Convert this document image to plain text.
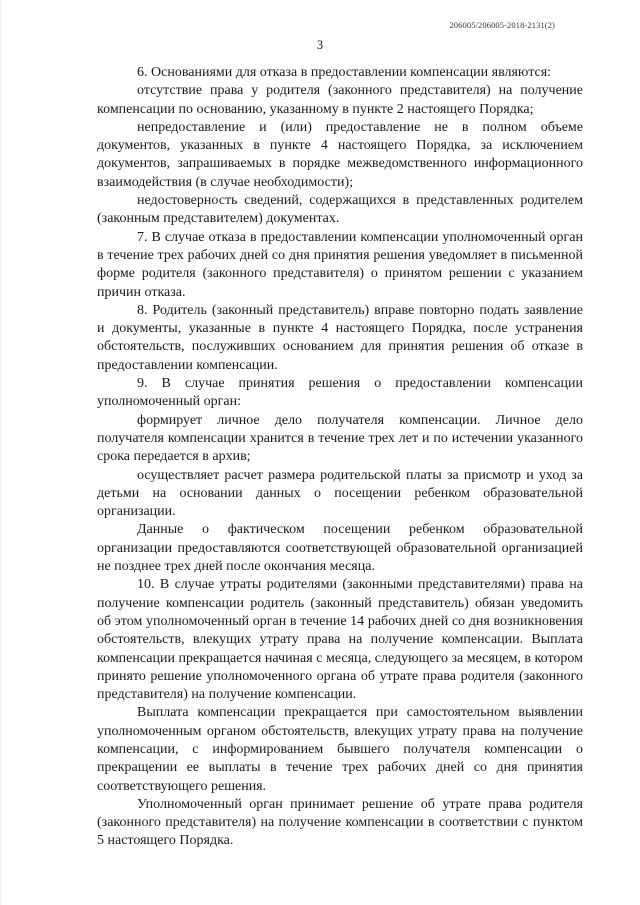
206005/206005-2018-2131(2)
3

6. Основаниями для отказа в предоставлении компенсации являются:

отсутствие права у родителя (законного представителя) на получение компенсации по основанию, указанному в пункте 2 настоящего Порядка;

непредоставление и (или) предоставление не в полном объеме документов, указанных в пункте 4 настоящего Порядка, за исключением документов, запрашиваемых в порядке межведомственного информационного взаимодействия (в случае необходимости);

недостоверность сведений, содержащихся в представленных родителем (законным представителем) документах.

7. В случае отказа в предоставлении компенсации уполномоченный орган в течение трех рабочих дней со дня принятия решения уведомляет в письменной форме родителя (законного представителя) о принятом решении с указанием причин отказа.

8. Родитель (законный представитель) вправе повторно подать заявление и документы, указанные в пункте 4 настоящего Порядка, после устранения обстоятельств, послуживших основанием для принятия решения об отказе в предоставлении компенсации.

9. В случае принятия решения о предоставлении компенсации уполномоченный орган:

формирует личное дело получателя компенсации. Личное дело получателя компенсации хранится в течение трех лет и по истечении указанного срока передается в архив;

осуществляет расчет размера родительской платы за присмотр и уход за детьми на основании данных о посещении ребенком образовательной организации.

Данные о фактическом посещении ребенком образовательной организации предоставляются соответствующей образовательной организацией не позднее трех дней после окончания месяца.

10. В случае утраты родителями (законными представителями) права на получение компенсации родитель (законный представитель) обязан уведомить об этом уполномоченный орган в течение 14 рабочих дней со дня возникновения обстоятельств, влекущих утрату права на получение компенсации. Выплата компенсации прекращается начиная с месяца, следующего за месяцем, в котором принято решение уполномоченного органа об утрате права родителя (законного представителя) на получение компенсации.

Выплата компенсации прекращается при самостоятельном выявлении уполномоченным органом обстоятельств, влекущих утрату права на получение компенсации, с информированием бывшего получателя компенсации о прекращении ее выплаты в течение трех рабочих дней со дня принятия соответствующего решения.

Уполномоченный орган принимает решение об утрате права родителя (законного представителя) на получение компенсации в соответствии с пунктом 5 настоящего Порядка.
